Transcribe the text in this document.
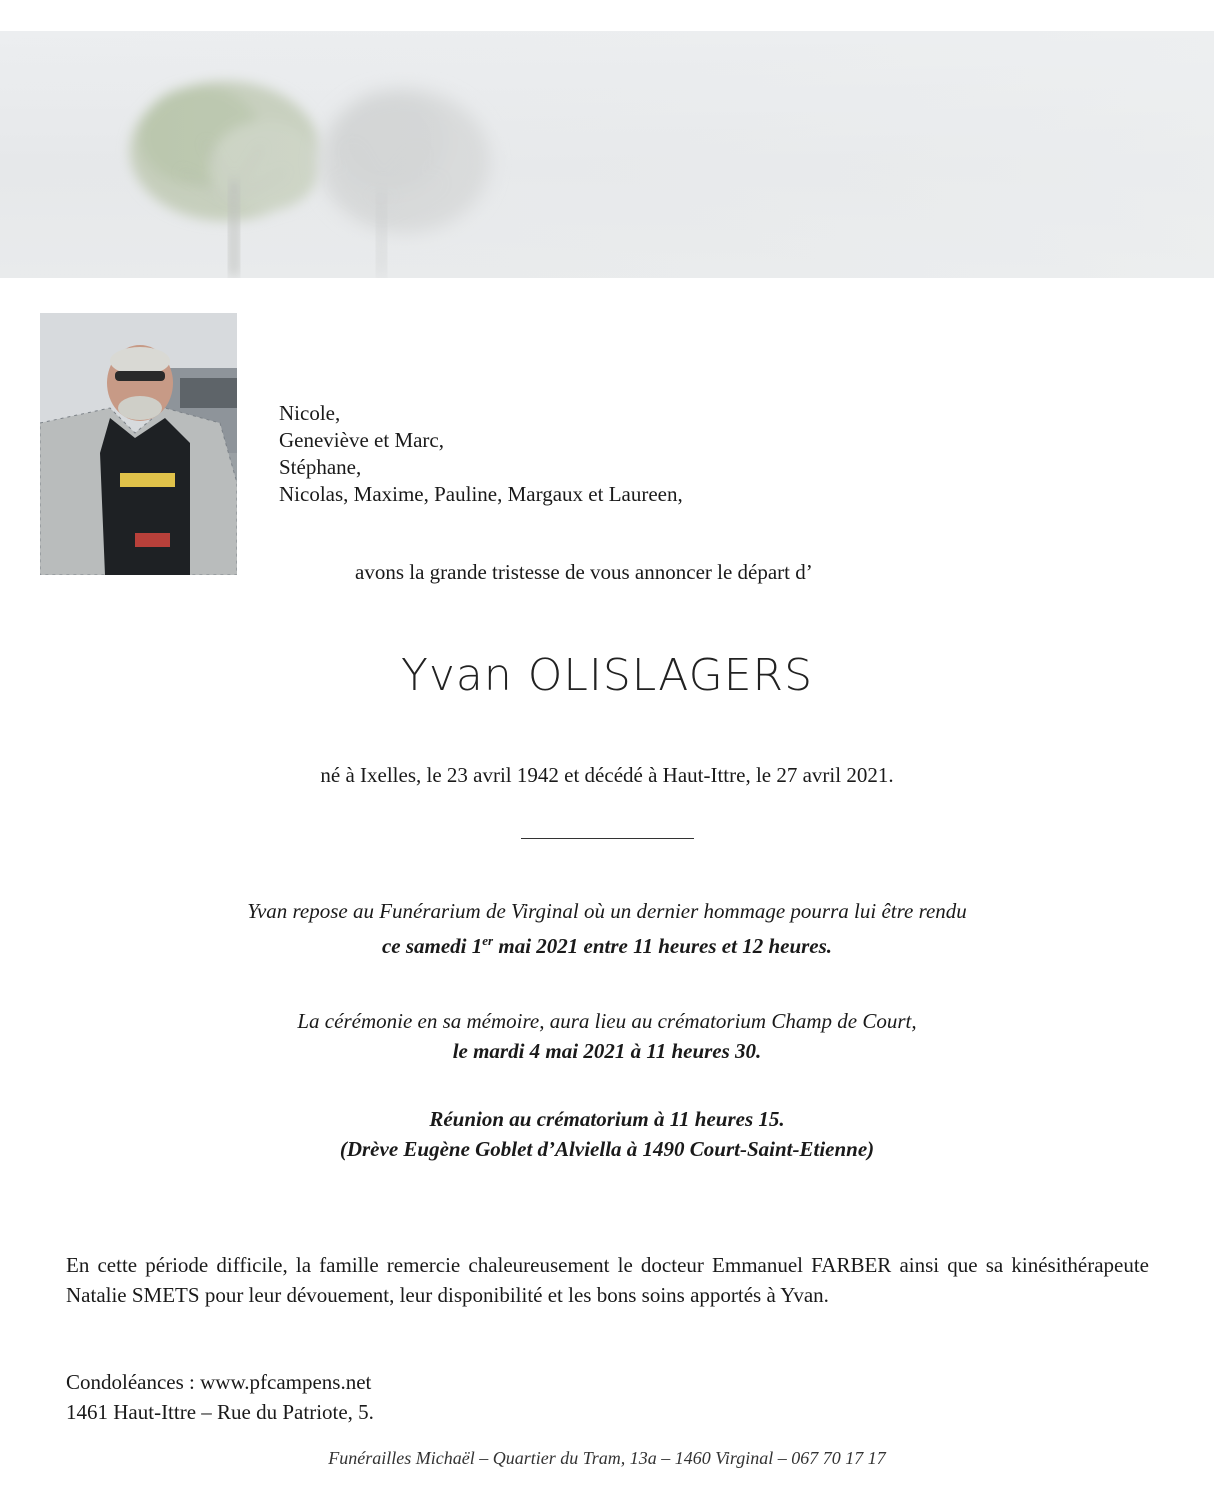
Nicole,
Geneviève et Marc,
Stéphane,
Nicolas, Maxime, Pauline, Margaux et Laureen,
avons la grande tristesse de vous annoncer le départ d’
Yvan OLISLAGERS
né à Ixelles, le 23 avril 1942 et décédé à Haut-Ittre, le 27 avril 2021.
Yvan repose au Funérarium de Virginal où un dernier hommage pourra lui être rendu
ce samedi 1er mai 2021 entre 11 heures et 12 heures.
La cérémonie en sa mémoire, aura lieu au crématorium Champ de Court,
le mardi 4 mai 2021 à 11 heures 30.
Réunion au crématorium à 11 heures 15.
(Drève Eugène Goblet d’Alviella à 1490 Court-Saint-Etienne)
En cette période difficile, la famille remercie chaleureusement le docteur Emmanuel FARBER ainsi que sa kinésithérapeute Natalie SMETS pour leur dévouement, leur disponibilité et les bons soins apportés à Yvan.
Condoléances : www.pfcampens.net
1461 Haut-Ittre – Rue du Patriote, 5.
Funérailles Michaël – Quartier du Tram, 13a – 1460 Virginal – 067 70 17 17
